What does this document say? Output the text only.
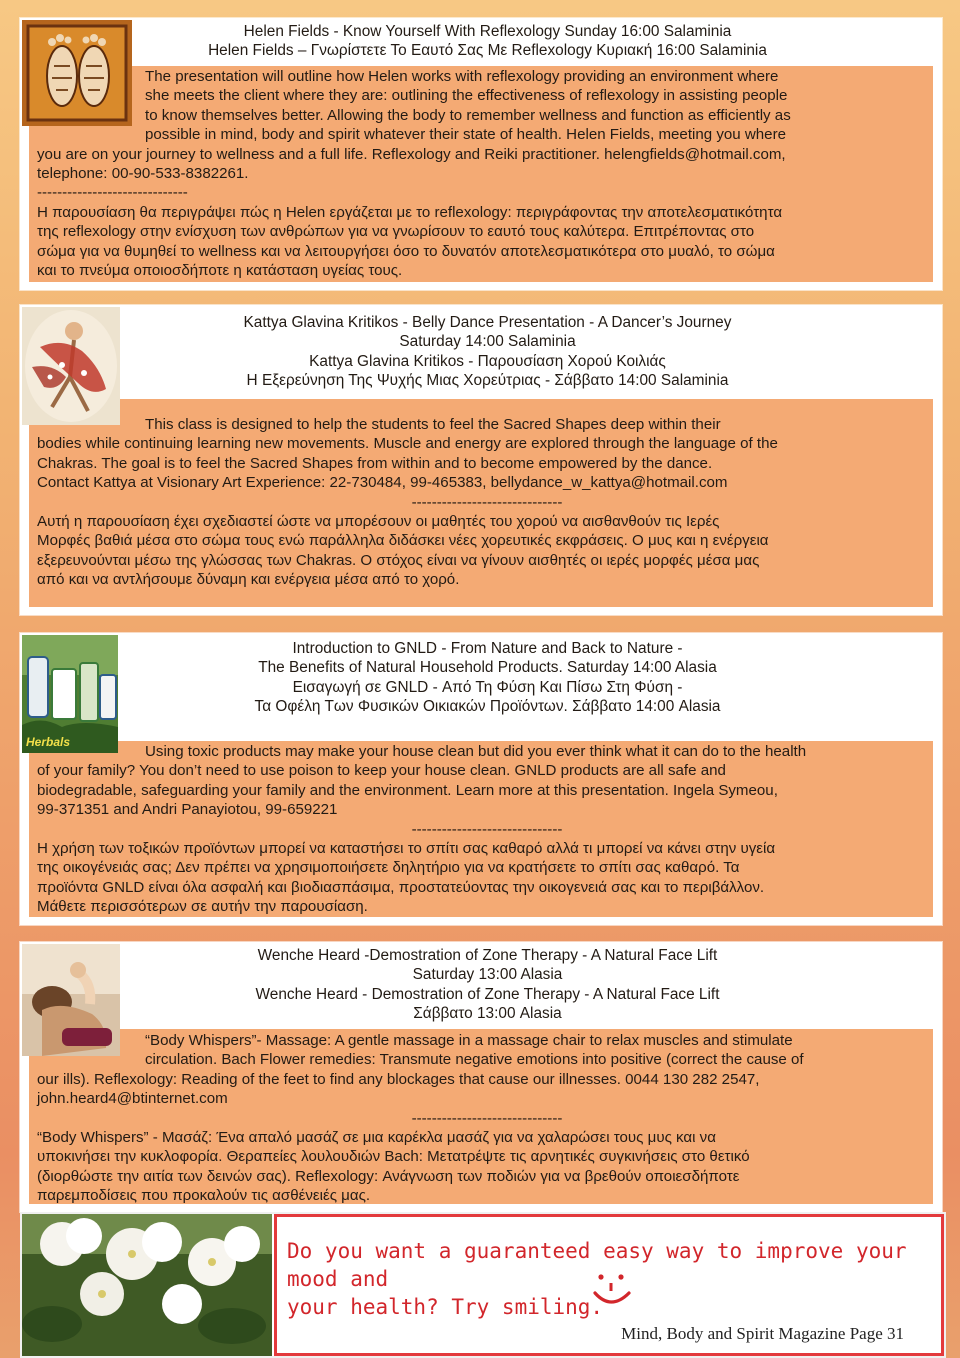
Helen Fields - Know Yourself With Reflexology Sunday 16:00 Salaminia
Helen Fields – Γνωρίστετε Το Εαυτό Σας Με Reflexology Κυριακή 16:00 Salaminia

The presentation will outline how Helen works with reflexology providing an environment where

she meets the client where they are: outlining the effectiveness of reflexology in assisting people

to know themselves better. Allowing the body to remember wellness and function as efficiently as

possible in mind, body and spirit whatever their state of health. Helen Fields, meeting you where

you are on your journey to wellness and a full life. Reflexology and Reiki practitioner. helengfields@hotmail.com,

telephone: 00-90-533-8382261.

------------------------------

Η παρουσίαση θα περιγράψει πώς η Helen εργάζεται με το reflexology: περιγράφοντας την αποτελεσματικότητα

της reflexology στην ενίσχυση των ανθρώπων για να γνωρίσουν το εαυτό τους καλύτερα. Επιτρέποντας στο

σώμα για να θυμηθεί το wellness και να λειτουργήσει όσο το δυνατόν αποτελεσματικότερα στο μυαλό, το σώμα

και το πνεύμα οποιοσδήποτε η κατάσταση υγείας τους.

Kattya Glavina Kritikos - Belly Dance Presentation - A Dancer’s Journey
Saturday 14:00 Salaminia
Kattya Glavina Kritikos - Παρουσίαση Χορού Κοιλιάς
Η Εξερεύνηση Της Ψυχής Μιας Χορεύτριας - Σάββατο 14:00 Salaminia

This class is designed to help the students to feel the Sacred Shapes deep within their

bodies while continuing learning new movements. Muscle and energy are explored through the language of the

Chakras. The goal is to feel the Sacred Shapes from within and to become empowered by the dance.

Contact Kattya at Visionary Art Experience: 22-730484, 99-465383, bellydance_w_kattya@hotmail.com

------------------------------

Αυτή η παρουσίαση έχει σχεδιαστεί ώστε να μπορέσουν οι μαθητές του χορού να αισθανθούν τις Ιερές

Μορφές βαθιά μέσα στο σώμα τους ενώ παράλληλα διδάσκει νέες χορευτικές εκφράσεις. Ο μυς και η ενέργεια

εξερευνούνται μέσω της γλώσσας των Chakras. Ο στόχος είναι να γίνουν αισθητές οι ιερές μορφές μέσα μας

από και να αντλήσουμε δύναμη και ενέργεια μέσα από το χορό.

Herbals
Introduction to GNLD - From Nature and Back to Nature -
The Benefits of Natural Household Products. Saturday 14:00 Alasia
Εισαγωγή σε GNLD - Από Τη Φύση Και Πίσω Στη Φύση -
Τα Οφέλη Των Φυσικών Οικιακών Προϊόντων. Σάββατο 14:00 Alasia

Using toxic products may make your house clean but did you ever think what it can do to the health

of your family? You don’t need to use poison to keep your house clean. GNLD products are all safe and

biodegradable, safeguarding your family and the environment. Learn more at this presentation. Ingela Symeou,

99-371351 and Andri Panayiotou, 99-659221

------------------------------

Η χρήση των τοξικών προϊόντων μπορεί να καταστήσει το σπίτι σας καθαρό αλλά τι μπορεί να κάνει στην υγεία

της οικογένειάς σας; Δεν πρέπει να χρησιμοποιήσετε δηλητήριο για να κρατήσετε το σπίτι σας καθαρό. Τα

προϊόντα GNLD είναι όλα ασφαλή και βιοδιασπάσιμα, προστατεύοντας την οικογενειά σας και το περιβάλλον.

Μάθετε περισσότερων σε αυτήν την παρουσίαση.

Wenche Heard -Demostration of Zone Therapy - A Natural Face Lift
Saturday 13:00 Alasia
Wenche Heard - Demostration of Zone Therapy - A Natural Face Lift
Σάββατο 13:00 Alasia

“Body Whispers”- Massage: A gentle massage in a massage chair to relax muscles and stimulate

circulation. Bach Flower remedies: Transmute negative emotions into positive (correct the cause of

our ills). Reflexology: Reading of the feet to find any blockages that cause our illnesses. 0044 130 282 2547,

john.heard4@btinternet.com

------------------------------

“Body Whispers” - Μασάζ: Ένα απαλό μασάζ σε μια καρέκλα μασάζ για να χαλαρώσει τους μυς και να

υποκινήσει την κυκλοφορία. Θεραπείες λουλουδιών Bach: Μετατρέψτε τις αρνητικές συγκινήσεις στο θετικό

(διορθώστε την αιτία των δεινών σας). Reflexology: Ανάγνωση των ποδιών για να βρεθούν οποιεσδήποτε

παρεμποδίσεις που προκαλούν τις ασθένειές μας.

Do you want a guaranteed easy way to improve your mood and
your health? Try smiling.
Mind, Body and Spirit Magazine Page 31
